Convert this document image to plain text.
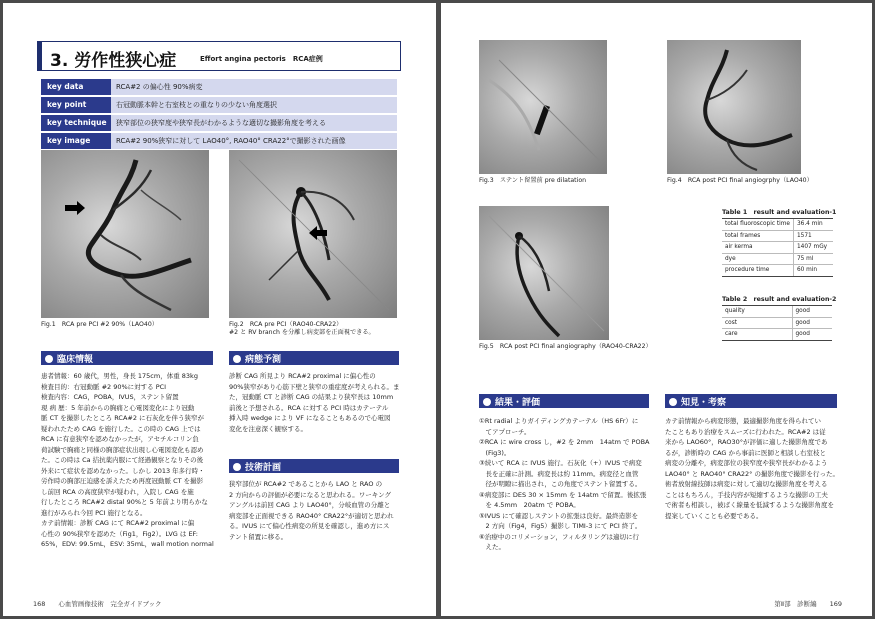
3. 労作性狭心症	Effort angina pectoris　RCA症例
key data	RCA#2 の偏心性 90%病変
key point	右冠動脈本幹と右室枝との重なりの少ない角度選択
key technique	狭窄部位の狭窄度や狭窄長がわかるような適切な撮影角度を考える
key image	RCA#2 90%狭窄に対して LAO40°, RAO40° CRA22°で撮影された画像
Fig.1　RCA pre PCI #2 90%（LAO40）	Fig.2　RCA pre PCI（RAO40-CRA22）
#2 と RV branch を分離し病変部を正面視できる。
臨床情報

患者情報：60 歳代，男性，身長 175cm，体重 83kg

検査目的：右冠動脈 #2 90%に対する PCI

検査内容：CAG，POBA，IVUS，ステント留置

現 病 歴：5 年前からの胸痛と心電図変化により冠動

脈 CT を撮影したところ RCA#2 に石灰化を伴う狭窄が

疑われたため CAG を施行した。この時の CAG 上では

RCA に有意狭窄を認めなかったが，アセチルコリン負

荷試験で胸痛と同様の胸部症状出現し心電図変化も認め

た。この時は Ca 拮抗薬内服にて経過観察となりその後

外来にて症状を認めなかった。しかし 2013 年多行時・

労作時の胸部圧迫感を訴えたため再度冠動脈 CT を撮影

し前回 RCA の高度狭窄が疑われ，入院し CAG を施

行したところ RCA#2 distal 90%と 5 年前より明らかな

進行がみられ今回 PCI 施行となる。

カテ前情報：診断 CAG にて RCA#2 proximal に偏

心性の 90%狭窄を認めた（Fig1，Fig2）。LVG は EF:

65%，EDV: 99.5mL，ESV: 35mL，wall motion normal

病態予測

診断 CAG 所見より RCA#2 proximal に偏心性の

90%狭窄があり心筋下壁と狭窄の重症度が考えられる。ま

た，冠動脈 CT と診断 CAG の結果より狭窄長は 10mm

前後と予想される。RCA に対する PCI 時はカテーテル

挿入時 wedge により VF になることもあるので心電図

変化を注意深く観察する。

技術計画

狭窄部位が RCA#2 であることから LAO と RAO の

2 方向からの評価が必要になると思われる。ワーキング

アングルは前回 CAG より LAO40°，分岐血管の分離と

病変部を正面視できる RAO40° CRA22°が適切と思われ

る。IVUS にて偏心性病変の所見を確認し，進め方にス

テント留置に移る。

168　　心血管画像技術　完全ガイドブック
Fig.3　ステント留置前 pre dilatation	Fig.4　RCA post PCI final angiogrphy（LAO40）
Fig.5　RCA post PCI final angiography（RAO40-CRA22）
Table 1　result and evaluation-1
total fluoroscopic time	36.4 min
total frames	1571
air kerma	1407 mGy
dye	75 ml
procedure time	60 min
Table 2　result and evaluation-2
quality	good
cost	good
care	good
結果・評価

①Rt radial よりガイディングカテーテル（HS 6Fr）に

　てアプローチ。

②RCA に wire cross し，#2 を 2mm　14atm で POBA

　(Fig3)。

③続いて RCA に IVUS 施行。石灰化（+）IVUS で病変

　長を正確に計測。病変長は約 11mm。病変径と血管

　径が明瞭に描出され，この角度でステント留置する。

④病変部に DES 30 × 15mm を 14atm で留置。後拡張

　を 4.5mm　20atm で POBA。

⑤IVUS にて確認しステントの拡張は良好。最終造影を

　2 方向（Fig4，Fig5）撮影し TIMI-3 にて PCI 終了。

⑥治療中のコリメーション，フィルタリングは適切に行

　えた。

知見・考察

カテ前情報から病変形態，最適撮影角度を得られてい

たこともあり治療をスムーズに行われた。RCA#2 は従

来から LAO60°，RAO30°が評価に適した撮影角度であ

るが，診断時の CAG から事前に医師と相談し右室枝と

病変の分離や，病変部位の狭窄度や狭窄長がわかるよう

LAO40° と RAO40° CRA22° の撮影角度で撮影を行った。

術者放射線技師は病変に対して適切な撮影角度を考える

ことはもちろん，手技内容が短縮するような撮影の工夫

で術者も相談し，被ばく線量を低減するような撮影角度を

提案していくことも必要である。

第Ⅱ部　診断編　　169
